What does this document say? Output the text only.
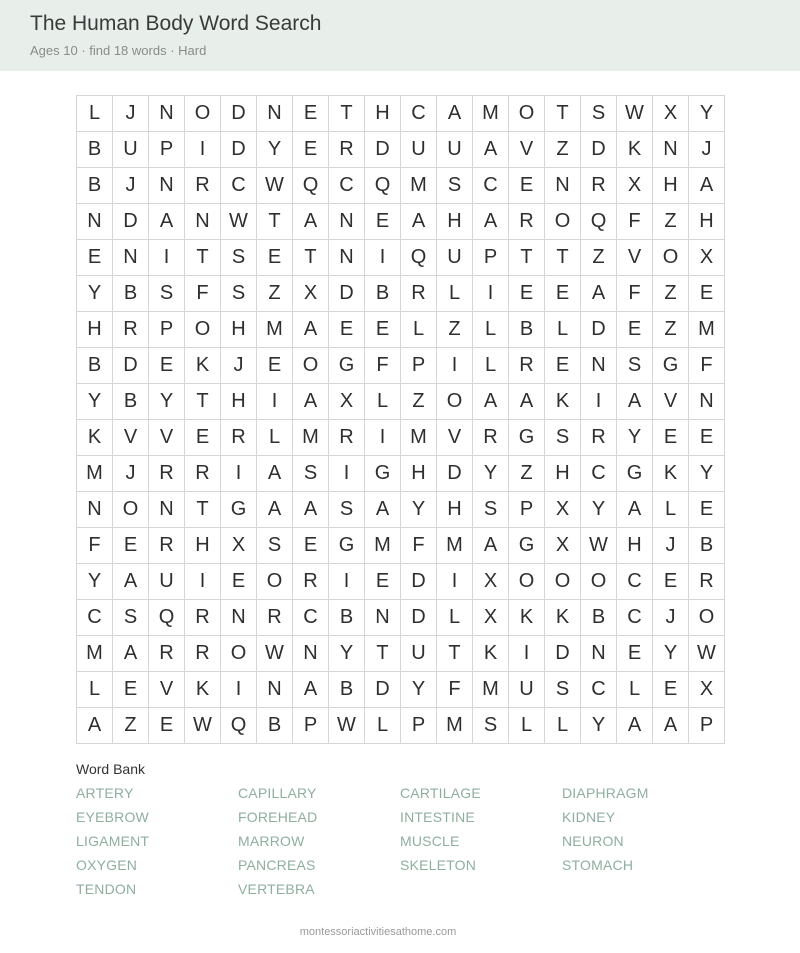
The Human Body Word Search
Ages 10 · find 18 words · Hard
L	J	N	O	D	N	E	T	H	C	A	M O	T	S W X	Y
B	U	P	I	D	Y	E	R	D	U	U	A	V	Z	D	K	N	J
B	J	N	R	C W Q	C	Q M	S	C	E	N	R	X	H	A
N	D	A	N W	T	A	N	E	A	H	A	R	O	Q	F	Z	H
E	N	I	T	S	E	T	N	I	Q	U	P	T	T	Z	V	O	X
Y	B	S	F	S	Z	X	D	B	R	L	I	E	E	A	F	Z	E
H	R	P	O	H	M	A	E	E	L	Z	L	B	L	D	E	Z	M
B	D	E	K	J	E	O	G	F	P	I	L	R	E	N	S	G	F
Y	B	Y	T	H	I	A	X	L	Z	O	A	A	K	I	A	V	N
K	V	V	E	R	L	M	R	I	M	V	R	G	S	R	Y	E	E
M	J	R	R	I	A	S	I	G	H	D	Y	Z	H	C	G	K	Y
N	O	N	T	G	A	A	S	A	Y	H	S	P	X	Y	A	L	E
F	E	R	H	X	S	E	G M	F	M	A	G	X W H	J	B
Y	A	U	I	E	O	R	I	E	D	I	X	O	O	O	C	E	R
C	S	Q	R	N	R	C	B	N	D	L	X	K	K	B	C	J	O
M	A	R	R	O W N	Y	T	U	T	K	I	D	N	E	Y W
L	E	V	K	I	N	A	B	D	Y	F	M	U	S	C	L	E	X
A	Z	E W Q	B	P W	L	P	M	S	L	L	Y	A	A	P
Word Bank
ARTERY	CAPILLARY	CARTILAGE	DIAPHRAGM
EYEBROW	FOREHEAD	INTESTINE	KIDNEY
LIGAMENT	MARROW	MUSCLE	NEURON
OXYGEN	PANCREAS	SKELETON	STOMACH
TENDON	VERTEBRA
montessoriactivitiesathome.com
